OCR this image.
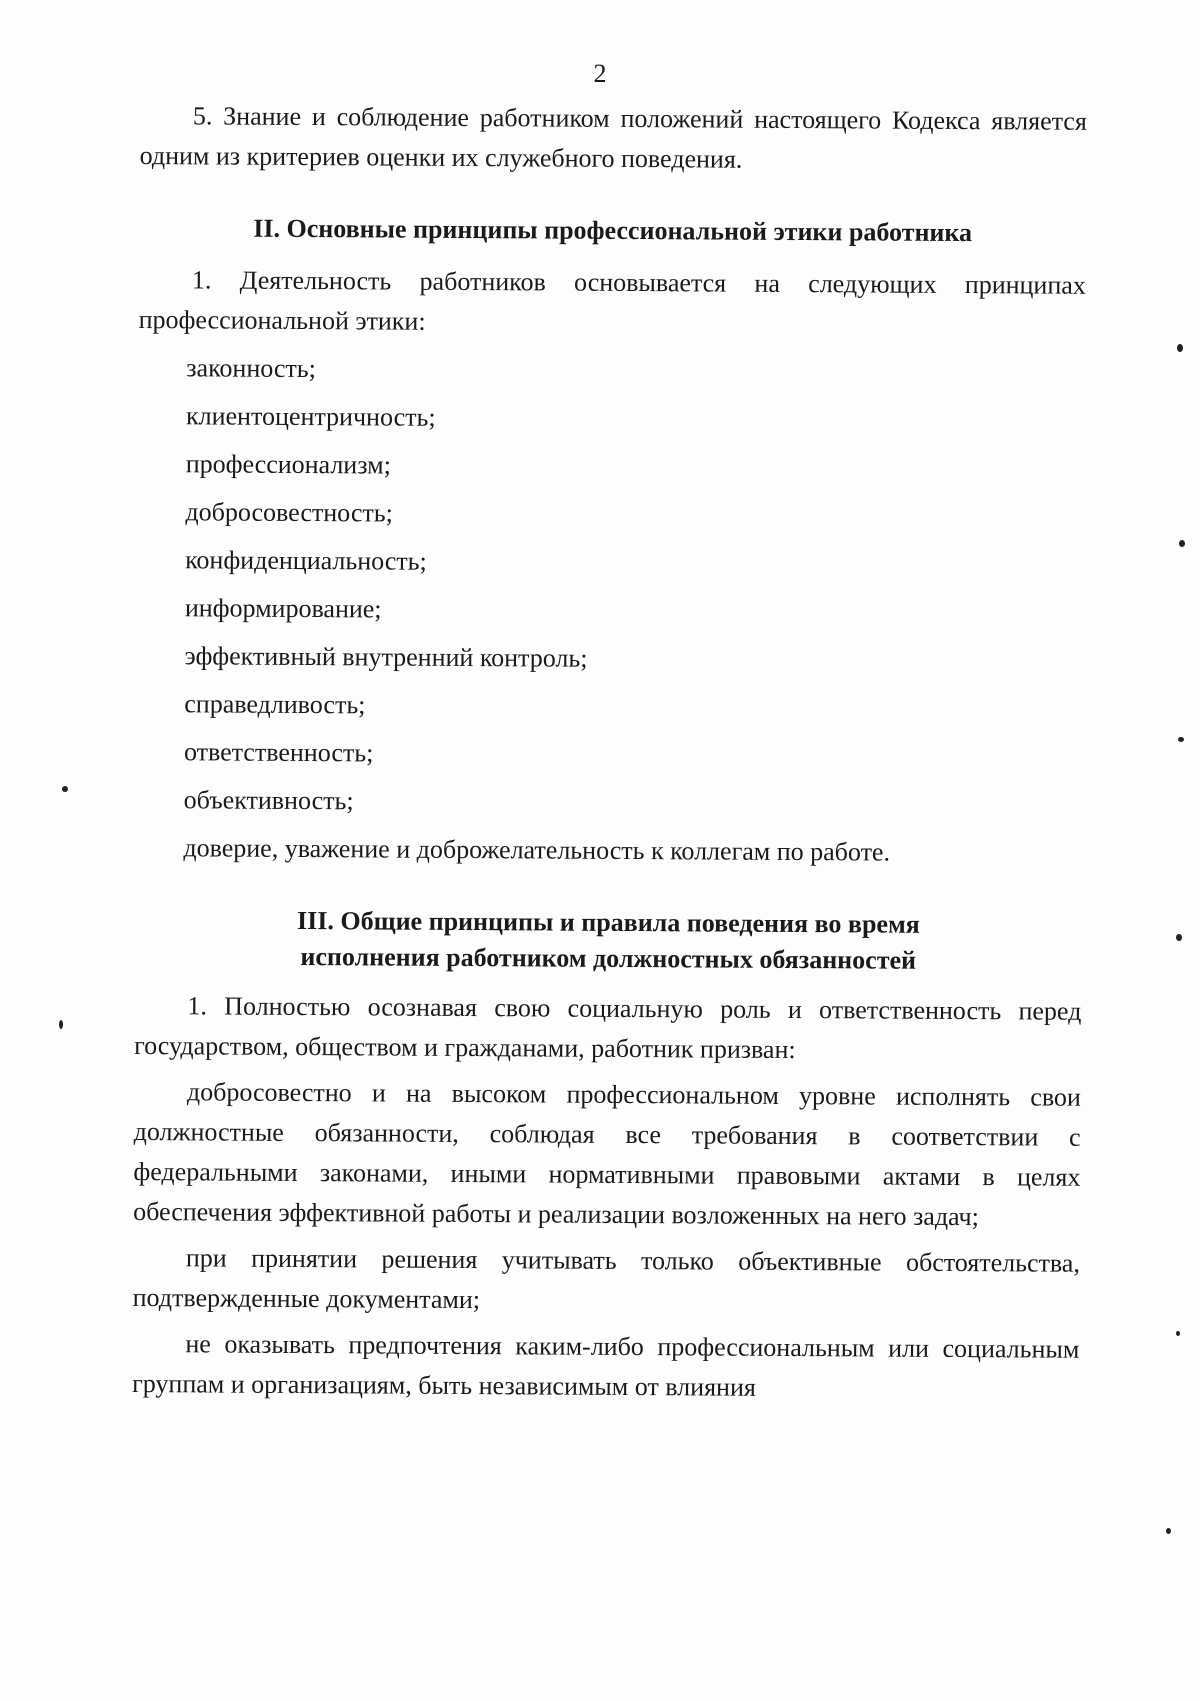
2

5. Знание и соблюдение работником положений настоящего Кодекса является одним из критериев оценки их служебного поведения.

II. Основные принципы профессиональной этики работника

1. Деятельность работников основывается на следующих принципах профессиональной этики:

законность;

клиентоцентричность;

профессионализм;

добросовестность;

конфиденциальность;

информирование;

эффективный внутренний контроль;

справедливость;

ответственность;

объективность;

доверие, уважение и доброжелательность к коллегам по работе.

III. Общие принципы и правила поведения во время

исполнения работником должностных обязанностей

1. Полностью осознавая свою социальную роль и ответственность перед государством, обществом и гражданами, работник призван:

добросовестно и на высоком профессиональном уровне исполнять свои должностные обязанности, соблюдая все требования в соответствии с федеральными законами, иными нормативными правовыми актами в целях обеспечения эффективной работы и реализации возложенных на него задач;

при принятии решения учитывать только объективные обстоятельства, подтвержденные документами;

не оказывать предпочтения каким-либо профессиональным или социальным группам и организациям, быть независимым от влияния
